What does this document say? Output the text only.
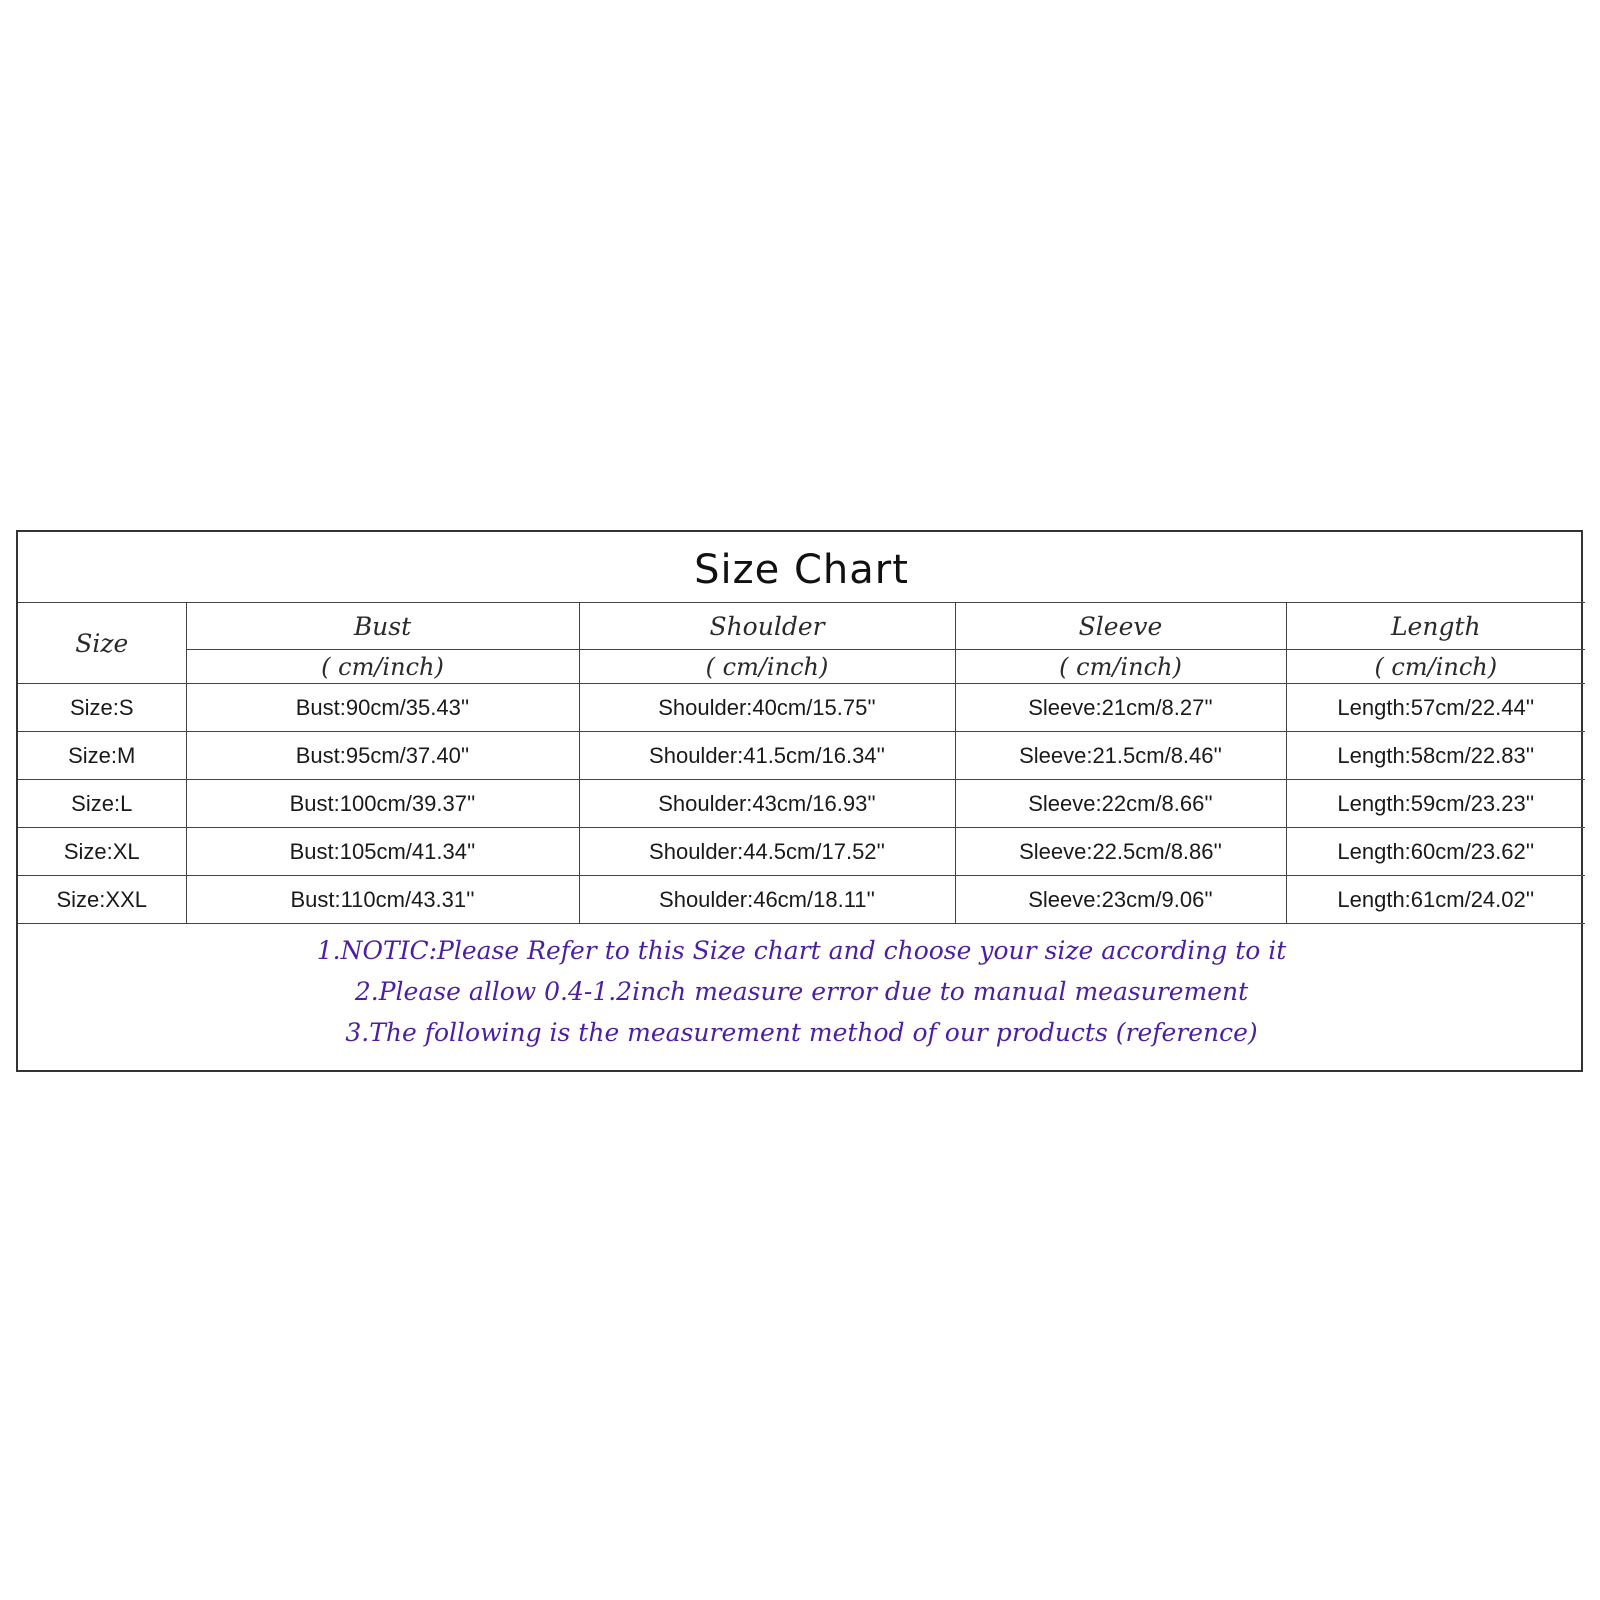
Size Chart				
Size	Bust	Shoulder	Sleeve	Length
	( cm/inch)	( cm/inch)	( cm/inch)	( cm/inch)
Size:S	Bust:90cm/35.43''	Shoulder:40cm/15.75''	Sleeve:21cm/8.27''	Length:57cm/22.44''
Size:M	Bust:95cm/37.40''	Shoulder:41.5cm/16.34''	Sleeve:21.5cm/8.46''	Length:58cm/22.83''
Size:L	Bust:100cm/39.37''	Shoulder:43cm/16.93''	Sleeve:22cm/8.66''	Length:59cm/23.23''
Size:XL	Bust:105cm/41.34''	Shoulder:44.5cm/17.52''	Sleeve:22.5cm/8.86''	Length:60cm/23.62''
Size:XXL	Bust:110cm/43.31''	Shoulder:46cm/18.11''	Sleeve:23cm/9.06''	Length:61cm/24.02''

1.NOTIC:Please Refer to this Size chart and choose your size according to it
2.Please allow 0.4-1.2inch measure error due to manual measurement
3.The following is the measurement method of our products (reference)				
